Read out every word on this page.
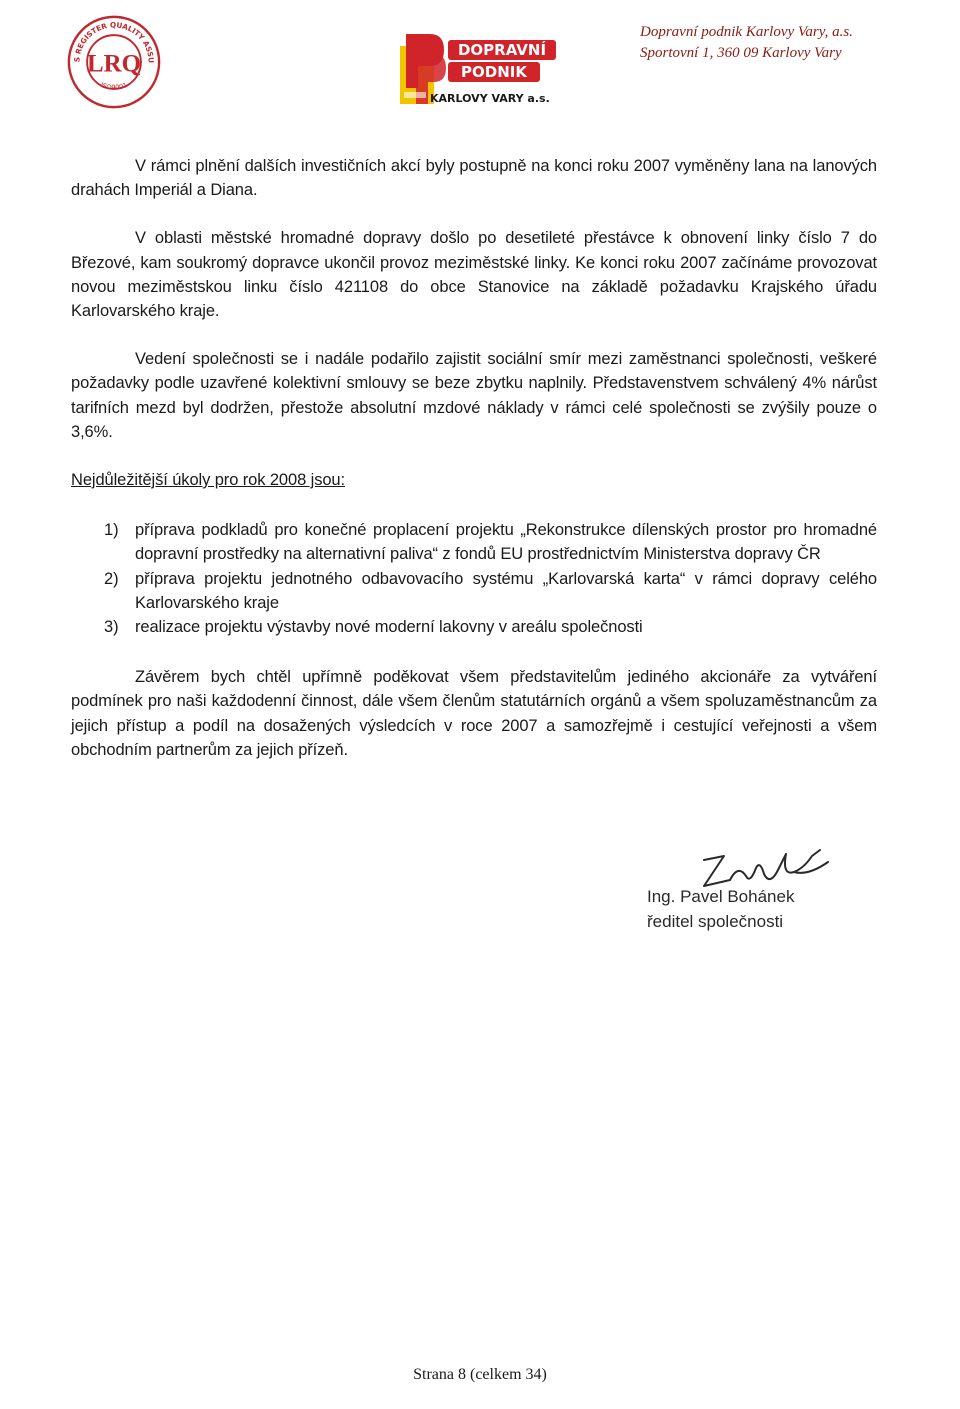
S REGISTER QUALITY ASSU
ISO9001
LRQ
DOPRAVNÍ
PODNIK
KARLOVY VARY a.s.
Dopravní podnik Karlovy Vary, a.s.
Sportovní 1, 360 09 Karlovy Vary

V rámci plnění dalších investičních akcí byly postupně na konci roku 2007 vyměněny lana na lanových drahách Imperiál a Diana.

V oblasti městské hromadné dopravy došlo po desetileté přestávce k obnovení linky číslo 7 do Březové, kam soukromý dopravce ukončil provoz meziměstské linky. Ke konci roku 2007 začínáme provozovat novou meziměstskou linku číslo 421108 do obce Stanovice na základě požadavku Krajského úřadu Karlovarského kraje.

Vedení společnosti se i nadále podařilo zajistit sociální smír mezi zaměstnanci společnosti, veškeré požadavky podle uzavřené kolektivní smlouvy se beze zbytku naplnily. Představenstvem schválený 4% nárůst tarifních mezd byl dodržen, přestože absolutní mzdové náklady v rámci celé společnosti se zvýšily pouze o 3,6%.

Nejdůležitější úkoly pro rok 2008 jsou:

1) příprava podkladů pro konečné proplacení projektu „Rekonstrukce dílenských prostor pro hromadné dopravní prostředky na alternativní paliva“ z fondů EU prostřednictvím Ministerstva dopravy ČR
2) příprava projektu jednotného odbavovacího systému „Karlovarská karta“ v rámci dopravy celého Karlovarského kraje
3) realizace projektu výstavby nové moderní lakovny v areálu společnosti

Závěrem bych chtěl upřímně poděkovat všem představitelům jediného akcionáře za vytváření podmínek pro naši každodenní činnost, dále všem členům statutárních orgánů a všem spoluzaměstnancům za jejich přístup a podíl na dosažených výsledcích v roce 2007 a samozřejmě i cestující veřejnosti a všem obchodním partnerům za jejich přízeň.

Ing. Pavel Bohánek
ředitel společnosti
Strana 8 (celkem 34)
